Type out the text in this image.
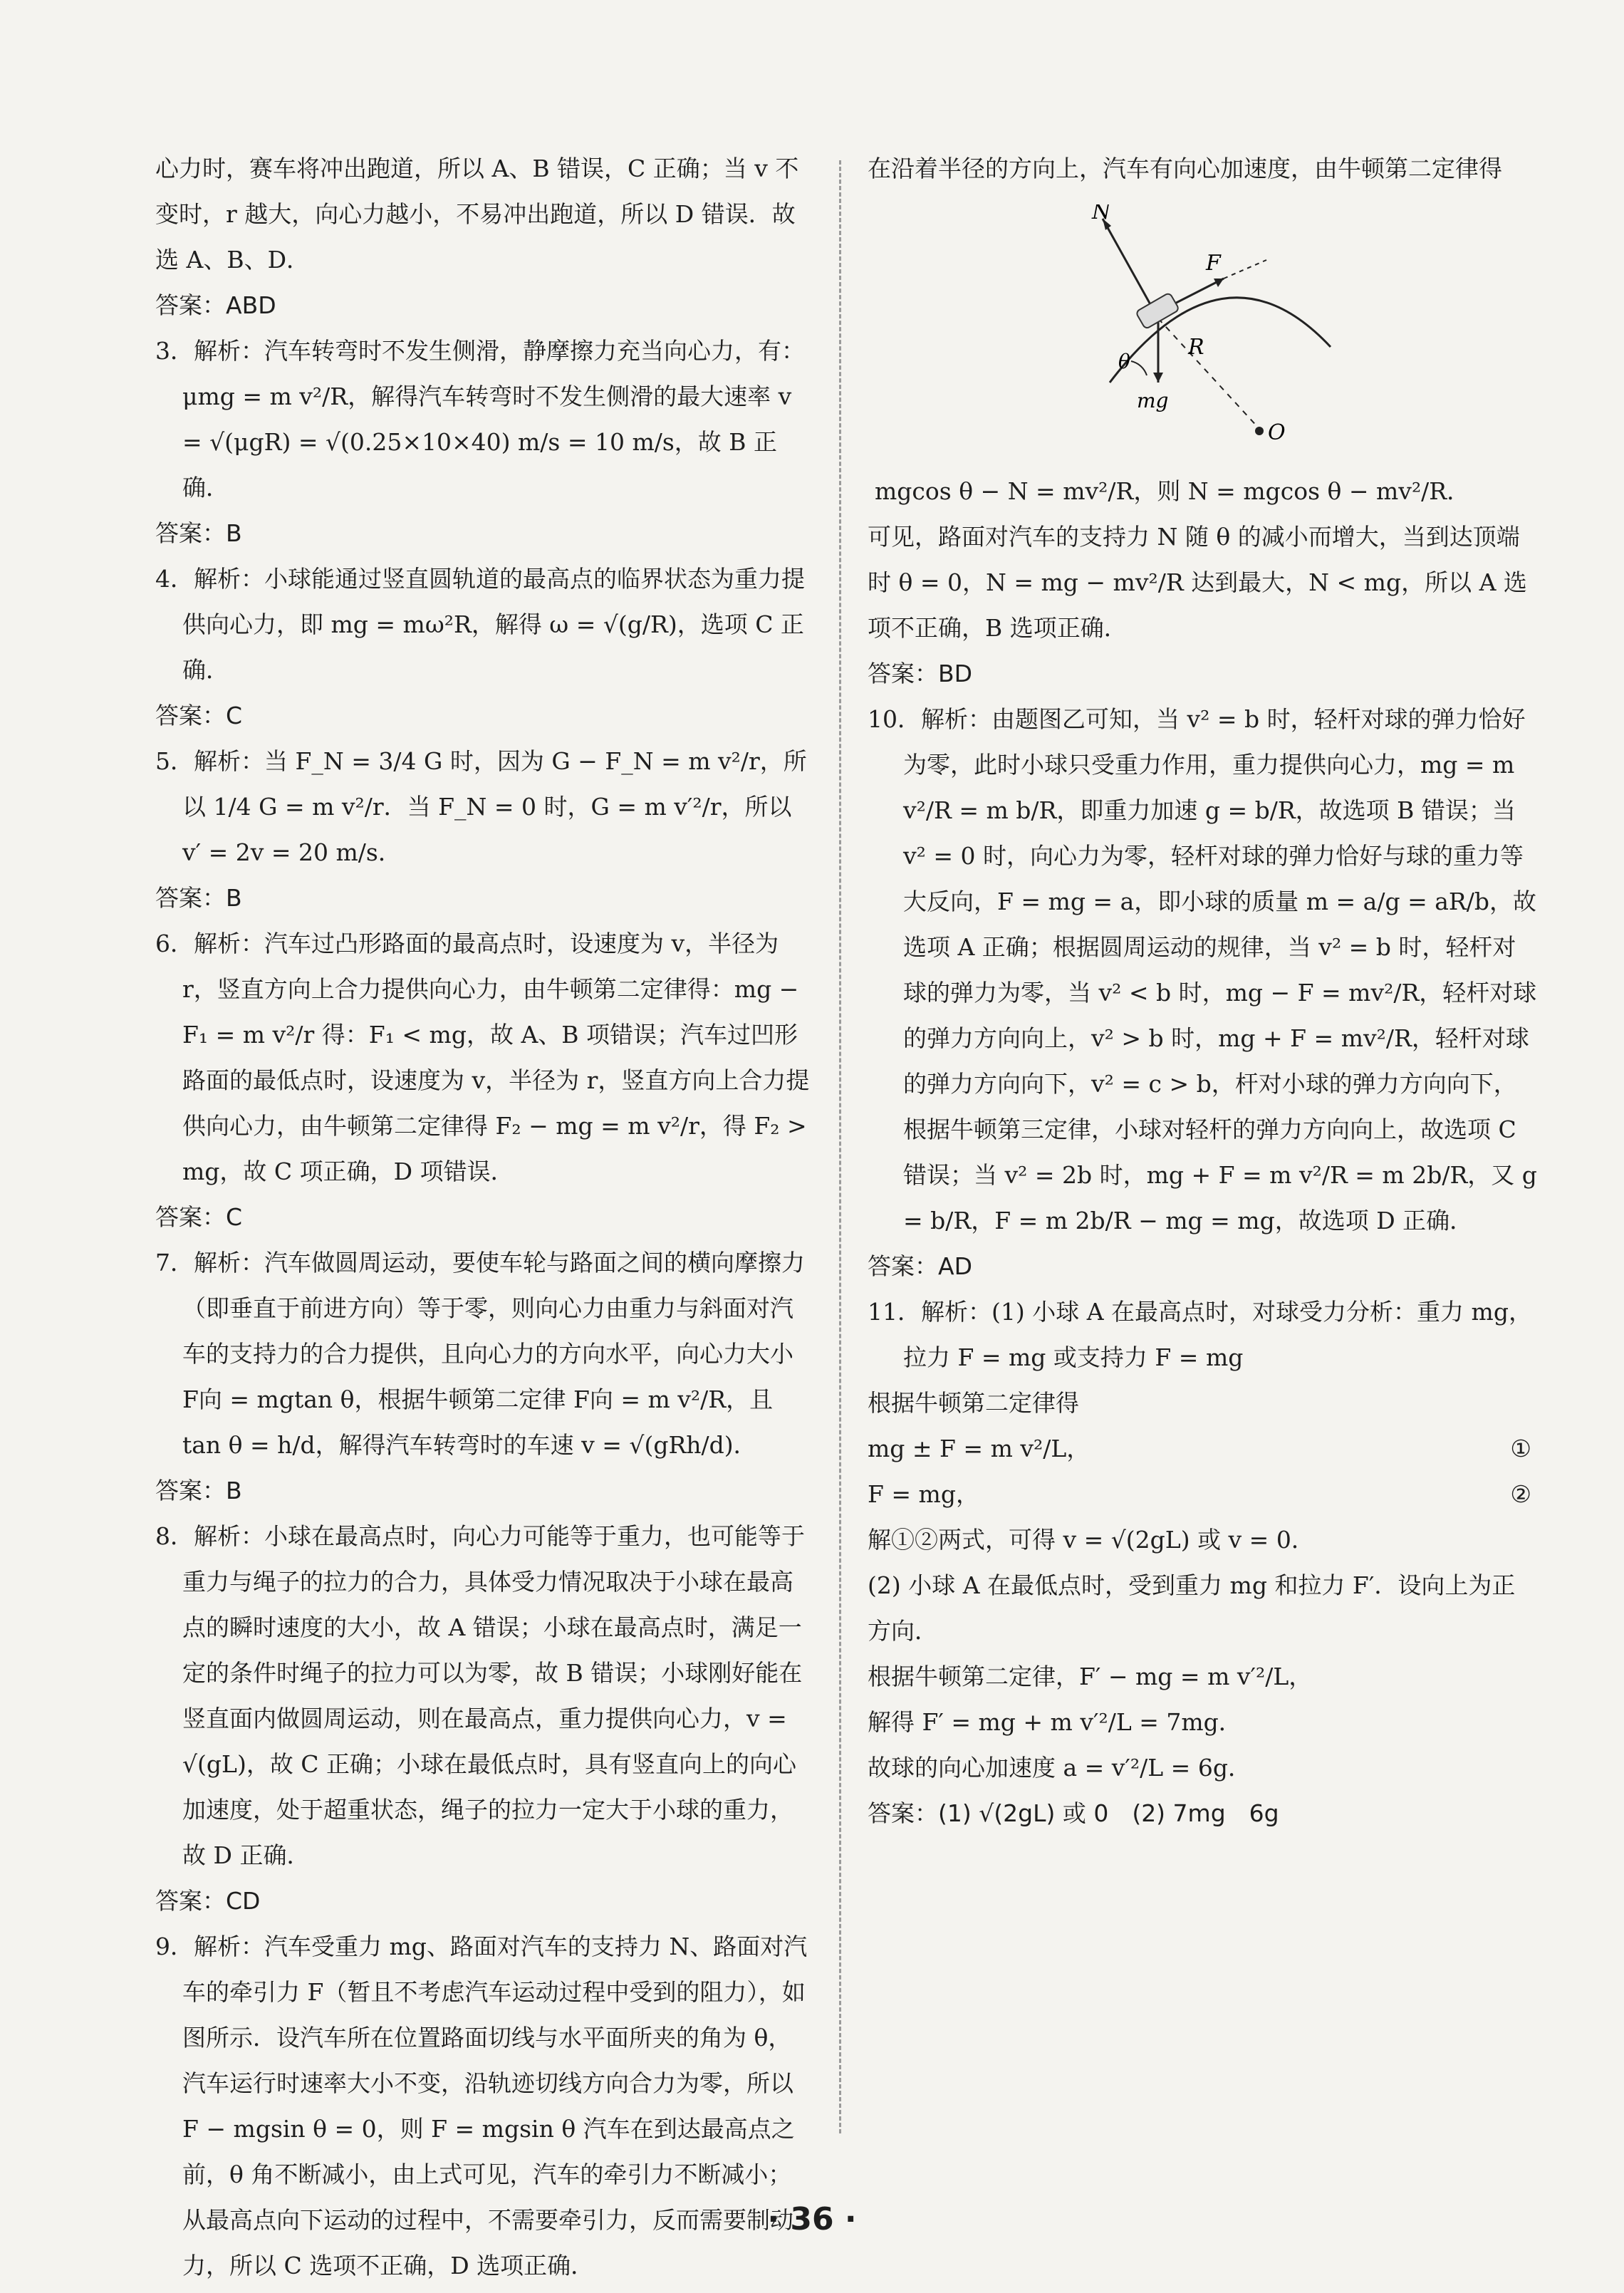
心力时，赛车将冲出跑道，所以 A、B 错误，C 正确；当 v 不变时，r 越大，向心力越小，不易冲出跑道，所以 D 错误．故选 A、B、D．

答案：ABD

3．解析：汽车转弯时不发生侧滑，静摩擦力充当向心力，有：μmg = m v²/R，解得汽车转弯时不发生侧滑的最大速率 v = √(μgR) = √(0.25×10×40) m/s = 10 m/s，故 B 正确．

答案：B

4．解析：小球能通过竖直圆轨道的最高点的临界状态为重力提供向心力，即 mg = mω²R，解得 ω = √(g/R)，选项 C 正确．

答案：C

5．解析：当 F_N = 3/4 G 时，因为 G − F_N = m v²/r，所以 1/4 G = m v²/r．当 F_N = 0 时，G = m v′²/r，所以 v′ = 2v = 20 m/s．

答案：B

6．解析：汽车过凸形路面的最高点时，设速度为 v，半径为 r，竖直方向上合力提供向心力，由牛顿第二定律得：mg − F₁ = m v²/r 得：F₁ < mg，故 A、B 项错误；汽车过凹形路面的最低点时，设速度为 v，半径为 r，竖直方向上合力提供向心力，由牛顿第二定律得 F₂ − mg = m v²/r，得 F₂ > mg，故 C 项正确，D 项错误．

答案：C

7．解析：汽车做圆周运动，要使车轮与路面之间的横向摩擦力（即垂直于前进方向）等于零，则向心力由重力与斜面对汽车的支持力的合力提供，且向心力的方向水平，向心力大小 F向 = mgtan θ，根据牛顿第二定律 F向 = m v²/R，且 tan θ = h/d，解得汽车转弯时的车速 v = √(gRh/d)．

答案：B

8．解析：小球在最高点时，向心力可能等于重力，也可能等于重力与绳子的拉力的合力，具体受力情况取决于小球在最高点的瞬时速度的大小，故 A 错误；小球在最高点时，满足一定的条件时绳子的拉力可以为零，故 B 错误；小球刚好能在竖直面内做圆周运动，则在最高点，重力提供向心力，v = √(gL)，故 C 正确；小球在最低点时，具有竖直向上的向心加速度，处于超重状态，绳子的拉力一定大于小球的重力，故 D 正确．

答案：CD

9．解析：汽车受重力 mg、路面对汽车的支持力 N、路面对汽车的牵引力 F（暂且不考虑汽车运动过程中受到的阻力），如图所示．设汽车所在位置路面切线与水平面所夹的角为 θ，汽车运行时速率大小不变，沿轨迹切线方向合力为零，所以 F − mgsin θ = 0，则 F = mgsin θ 汽车在到达最高点之前，θ 角不断减小，由上式可见，汽车的牵引力不断减小；从最高点向下运动的过程中，不需要牵引力，反而需要制动力，所以 C 选项不正确，D 选项正确．

在沿着半径的方向上，汽车有向心加速度，由牛顿第二定律得

N
F
R
θ
mg
O

mgcos θ − N = mv²/R，则 N = mgcos θ − mv²/R．

可见，路面对汽车的支持力 N 随 θ 的减小而增大，当到达顶端时 θ = 0，N = mg − mv²/R 达到最大，N < mg，所以 A 选项不正确，B 选项正确．

答案：BD

10．解析：由题图乙可知，当 v² = b 时，轻杆对球的弹力恰好为零，此时小球只受重力作用，重力提供向心力，mg = m v²/R = m b/R，即重力加速 g = b/R，故选项 B 错误；当 v² = 0 时，向心力为零，轻杆对球的弹力恰好与球的重力等大反向，F = mg = a，即小球的质量 m = a/g = aR/b，故选项 A 正确；根据圆周运动的规律，当 v² = b 时，轻杆对球的弹力为零，当 v² < b 时，mg − F = mv²/R，轻杆对球的弹力方向向上，v² > b 时，mg + F = mv²/R，轻杆对球的弹力方向向下，v² = c > b，杆对小球的弹力方向向下，根据牛顿第三定律，小球对轻杆的弹力方向向上，故选项 C 错误；当 v² = 2b 时，mg + F = m v²/R = m 2b/R，又 g = b/R，F = m 2b/R − mg = mg，故选项 D 正确．

答案：AD

11．解析：(1) 小球 A 在最高点时，对球受力分析：重力 mg，拉力 F = mg 或支持力 F = mg

根据牛顿第二定律得

mg ± F = m v²/L，	①
F = mg，	②

解①②两式，可得 v = √(2gL) 或 v = 0．

(2) 小球 A 在最低点时，受到重力 mg 和拉力 F′．设向上为正方向．

根据牛顿第二定律，F′ − mg = m v′²/L，

解得 F′ = mg + m v′²/L = 7mg．

故球的向心加速度 a = v′²/L = 6g．

答案：(1) √(2gL) 或 0　(2) 7mg　6g

· 36 ·
